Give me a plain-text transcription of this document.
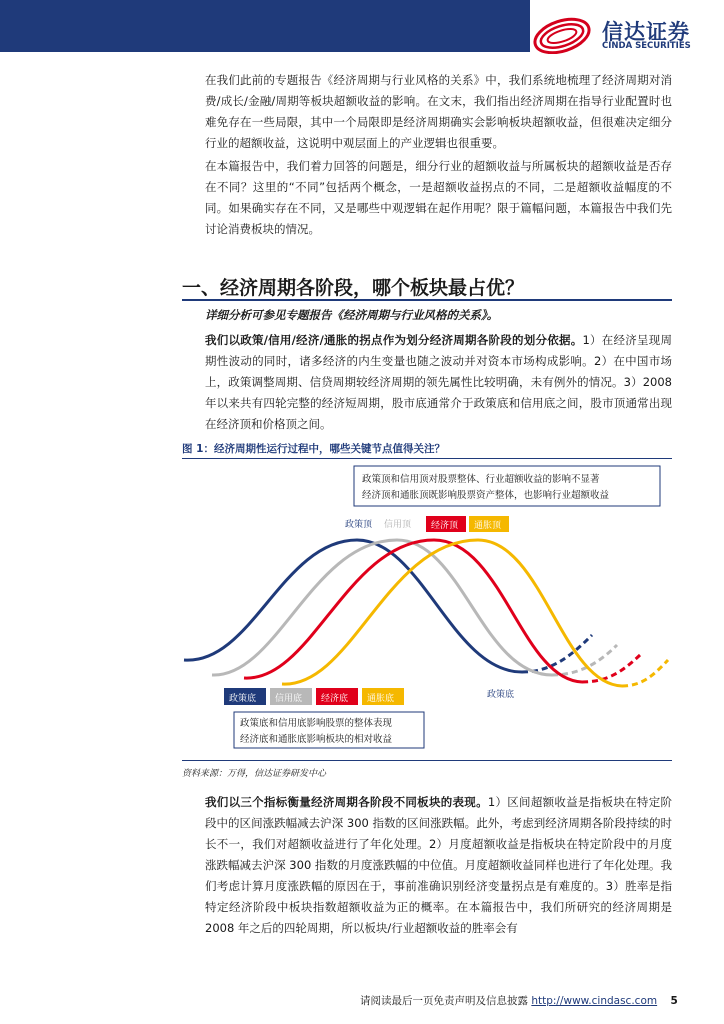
信达证券
CINDA SECURITIES
在我们此前的专题报告《经济周期与行业风格的关系》中，我们系统地梳理了经济周期对消费/成长/金融/周期等板块超额收益的影响。在文末，我们指出经济周期在指导行业配置时也难免存在一些局限，其中一个局限即是经济周期确实会影响板块超额收益，但很难决定细分行业的超额收益，这说明中观层面上的产业逻辑也很重要。
在本篇报告中，我们着力回答的问题是，细分行业的超额收益与所属板块的超额收益是否存在不同？这里的“不同”包括两个概念，一是超额收益拐点的不同，二是超额收益幅度的不同。如果确实存在不同，又是哪些中观逻辑在起作用呢？限于篇幅问题，本篇报告中我们先讨论消费板块的情况。
一、经济周期各阶段，哪个板块最占优？
详细分析可参见专题报告《经济周期与行业风格的关系》。
我们以政策/信用/经济/通胀的拐点作为划分经济周期各阶段的划分依据。1）在经济呈现周期性波动的同时，诸多经济的内生变量也随之波动并对资本市场构成影响。2）在中国市场上，政策调整周期、信贷周期较经济周期的领先属性比较明确，未有例外的情况。3）2008 年以来共有四轮完整的经济短周期，股市底通常介于政策底和信用底之间，股市顶通常出现在经济顶和价格顶之间。
图 1：经济周期性运行过程中，哪些关键节点值得关注？
政策顶和信用顶对股票整体、行业超额收益的影响不显著
经济顶和通胀顶既影响股票资产整体，也影响行业超额收益
政策顶 信用顶 经济顶 通胀顶
政策底 信用底 经济底 通胀底	政策底
政策底和信用底影响股票的整体表现
经济底和通胀底影响板块的相对收益
资料来源：万得，信达证券研发中心
我们以三个指标衡量经济周期各阶段不同板块的表现。1）区间超额收益是指板块在特定阶段中的区间涨跌幅减去沪深 300 指数的区间涨跌幅。此外，考虑到经济周期各阶段持续的时长不一，我们对超额收益进行了年化处理。2）月度超额收益是指板块在特定阶段中的月度涨跌幅减去沪深 300 指数的月度涨跌幅的中位值。月度超额收益同样也进行了年化处理。我们考虑计算月度涨跌幅的原因在于，事前准确识别经济变量拐点是有难度的。3）胜率是指特定经济阶段中板块指数超额收益为正的概率。在本篇报告中，我们所研究的经济周期是 2008 年之后的四轮周期，所以板块/行业超额收益的胜率会有
请阅读最后一页免责声明及信息披露 http://www.cindasc.com 5
